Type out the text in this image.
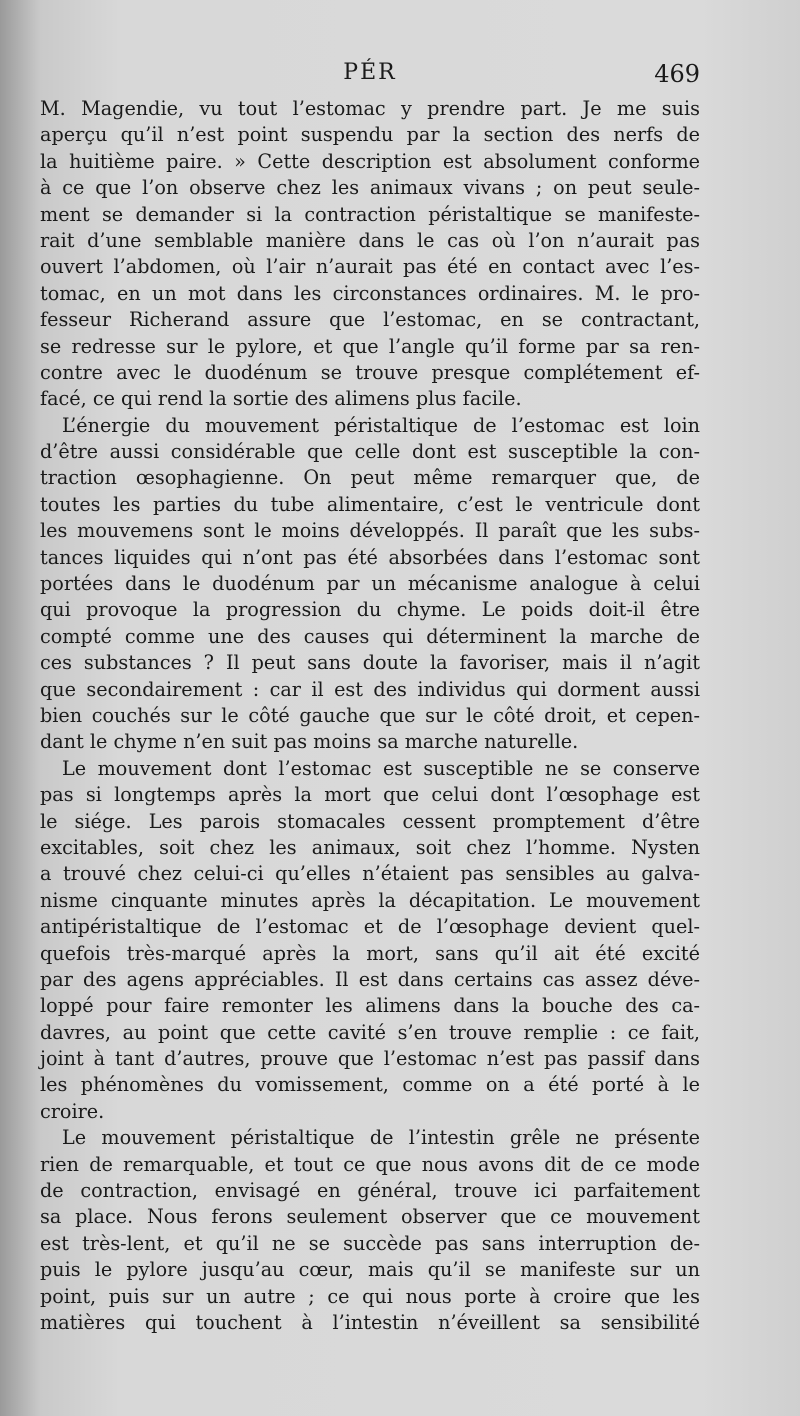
PÉR	469
M. Magendie, vu tout l’estomac y prendre part. Je me suis
aperçu qu’il n’est point suspendu par la section des nerfs de
la huitième paire. » Cette description est absolument conforme
à ce que l’on observe chez les animaux vivans ; on peut seule-
ment se demander si la contraction péristaltique se manifeste-
rait d’une semblable manière dans le cas où l’on n’aurait pas
ouvert l’abdomen, où l’air n’aurait pas été en contact avec l’es-
tomac, en un mot dans les circonstances ordinaires. M. le pro-
fesseur Richerand assure que l’estomac, en se contractant,
se redresse sur le pylore, et que l’angle qu’il forme par sa ren-
contre avec le duodénum se trouve presque complétement ef-
facé, ce qui rend la sortie des alimens plus facile.
L’énergie du mouvement péristaltique de l’estomac est loin
d’être aussi considérable que celle dont est susceptible la con-
traction œsophagienne. On peut même remarquer que, de
toutes les parties du tube alimentaire, c’est le ventricule dont
les mouvemens sont le moins développés. Il paraît que les subs-
tances liquides qui n’ont pas été absorbées dans l’estomac sont
portées dans le duodénum par un mécanisme analogue à celui
qui provoque la progression du chyme. Le poids doit-il être
compté comme une des causes qui déterminent la marche de
ces substances ? Il peut sans doute la favoriser, mais il n’agit
que secondairement : car il est des individus qui dorment aussi
bien couchés sur le côté gauche que sur le côté droit, et cepen-
dant le chyme n’en suit pas moins sa marche naturelle.
Le mouvement dont l’estomac est susceptible ne se conserve
pas si longtemps après la mort que celui dont l’œsophage est
le siége. Les parois stomacales cessent promptement d’être
excitables, soit chez les animaux, soit chez l’homme. Nysten
a trouvé chez celui-ci qu’elles n’étaient pas sensibles au galva-
nisme cinquante minutes après la décapitation. Le mouvement
antipéristaltique de l’estomac et de l’œsophage devient quel-
quefois très-marqué après la mort, sans qu’il ait été excité
par des agens appréciables. Il est dans certains cas assez déve-
loppé pour faire remonter les alimens dans la bouche des ca-
davres, au point que cette cavité s’en trouve remplie : ce fait,
joint à tant d’autres, prouve que l’estomac n’est pas passif dans
les phénomènes du vomissement, comme on a été porté à le
croire.
Le mouvement péristaltique de l’intestin grêle ne présente
rien de remarquable, et tout ce que nous avons dit de ce mode
de contraction, envisagé en général, trouve ici parfaitement
sa place. Nous ferons seulement observer que ce mouvement
est très-lent, et qu’il ne se succède pas sans interruption de-
puis le pylore jusqu’au cœur, mais qu’il se manifeste sur un
point, puis sur un autre ; ce qui nous porte à croire que les
matières qui touchent à l’intestin n’éveillent sa sensibilité
